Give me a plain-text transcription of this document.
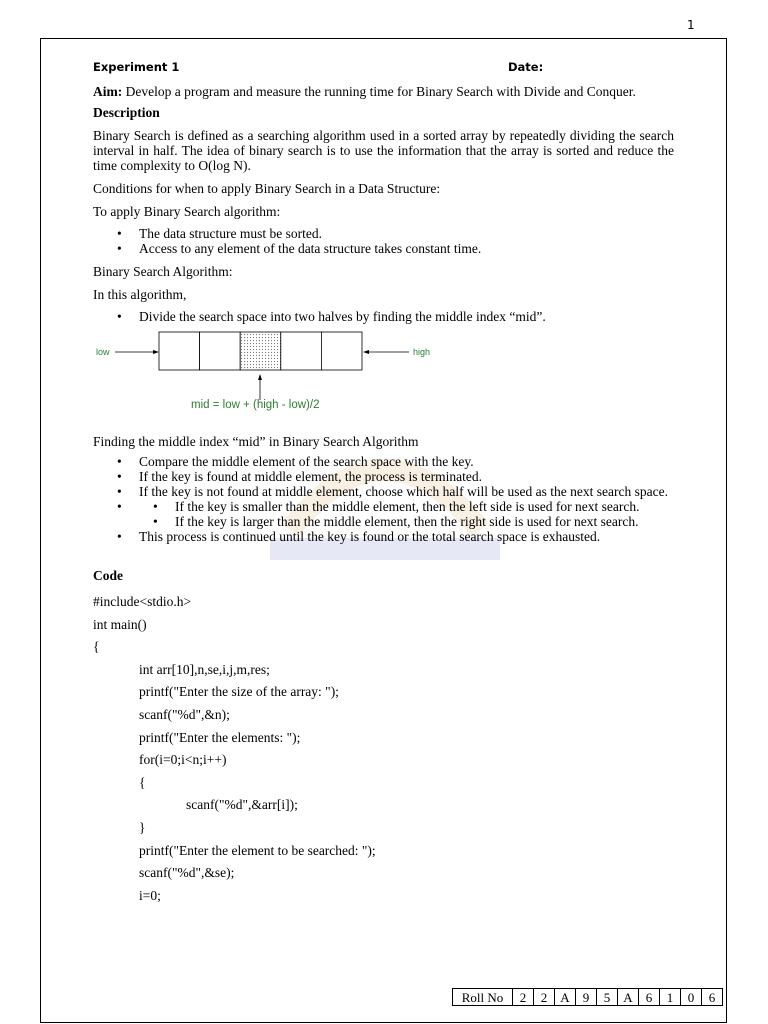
1
Experiment 1	Date:

Aim: Develop a program and measure the running time for Binary Search with Divide and Conquer.

Description

Binary Search is defined as a searching algorithm used in a sorted array by repeatedly dividing the search interval in half. The idea of binary search is to use the information that the array is sorted and reduce the time complexity to O(log N).

Conditions for when to apply Binary Search in a Data Structure:

To apply Binary Search algorithm:

• The data structure must be sorted.
• Access to any element of the data structure takes constant time.

Binary Search Algorithm:

In this algorithm,

• Divide the search space into two halves by finding the middle index “mid”.
low	high
mid = low + (high - low)/2

Finding the middle index “mid” in Binary Search Algorithm

• Compare the middle element of the search space with the key.
• If the key is found at middle element, the process is terminated.
• If the key is not found at middle element, choose which half will be used as the next search space.
• • If the key is smaller than the middle element, then the left side is used for next search.
• If the key is larger than the middle element, then the right side is used for next search.
• This process is continued until the key is found or the total search space is exhausted.

Code

#include<stdio.h>
int main()
{
int arr[10],n,se,i,j,m,res;
printf("Enter the size of the array: ");
scanf("%d",&n);
printf("Enter the elements: ");
for(i=0;i<n;i++)
{
scanf("%d",&arr[i]);
}
printf("Enter the element to be searched: ");
scanf("%d",&se);
i=0;
Roll No	2	2	A	9	5	A	6	1	0	6
